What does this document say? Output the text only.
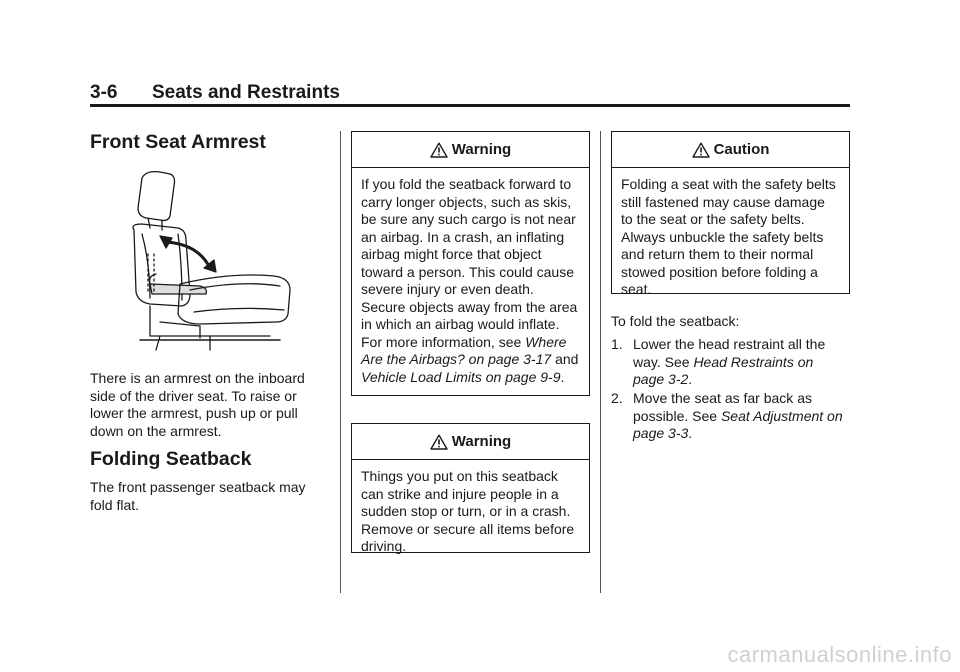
3-6 Seats and Restraints
Front Seat Armrest
There is an armrest on the inboard side of the driver seat. To raise or lower the armrest, push up or pull down on the armrest.
Folding Seatback
The front passenger seatback may fold flat.
Warning
If you fold the seatback forward to carry longer objects, such as skis, be sure any such cargo is not near an airbag. In a crash, an inflating airbag might force that object toward a person. This could cause severe injury or even death. Secure objects away from the area in which an airbag would inflate. For more information, see Where Are the Airbags? on page 3-17 and Vehicle Load Limits on page 9-9.
Warning
Things you put on this seatback can strike and injure people in a sudden stop or turn, or in a crash. Remove or secure all items before driving.
Caution
Folding a seat with the safety belts still fastened may cause damage to the seat or the safety belts. Always unbuckle the safety belts and return them to their normal stowed position before folding a seat.
To fold the seatback:
1. Lower the head restraint all the way. See Head Restraints on page 3-2.
2. Move the seat as far back as possible. See Seat Adjustment on page 3-3.
carmanualsonline.info
